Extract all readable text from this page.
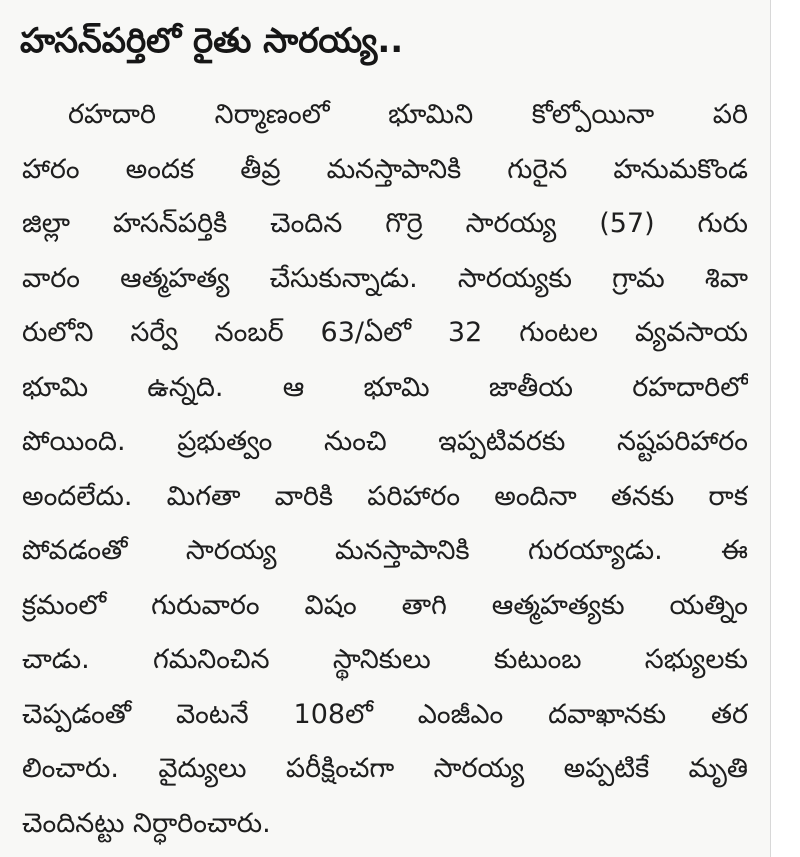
హసన్‌పర్తిలో రైతు సారయ్య..
రహదారి నిర్మాణంలో భూమిని కోల్పోయినా పరి
హారం అందక తీవ్ర మనస్తాపానికి గురైన హనుమకొండ
జిల్లా హసన్‌పర్తికి చెందిన గొర్రె సారయ్య (57) గురు
వారం ఆత్మహత్య చేసుకున్నాడు. సారయ్యకు గ్రామ శివా
రులోని సర్వే నంబర్ 63/ఏలో 32 గుంటల వ్యవసాయ
భూమి ఉన్నది. ఆ భూమి జాతీయ రహదారిలో
పోయింది. ప్రభుత్వం నుంచి ఇప్పటివరకు నష్టపరిహారం
అందలేదు. మిగతా వారికి పరిహారం అందినా తనకు రాక
పోవడంతో సారయ్య మనస్తాపానికి గురయ్యాడు. ఈ
క్రమంలో గురువారం విషం తాగి ఆత్మహత్యకు యత్నిం
చాడు. గమనించిన స్థానికులు కుటుంబ సభ్యులకు
చెప్పడంతో వెంటనే 108లో ఎంజీఎం దవాఖానకు తర
లించారు. వైద్యులు పరీక్షించగా సారయ్య అప్పటికే మృతి
చెందినట్టు నిర్ధారించారు.
